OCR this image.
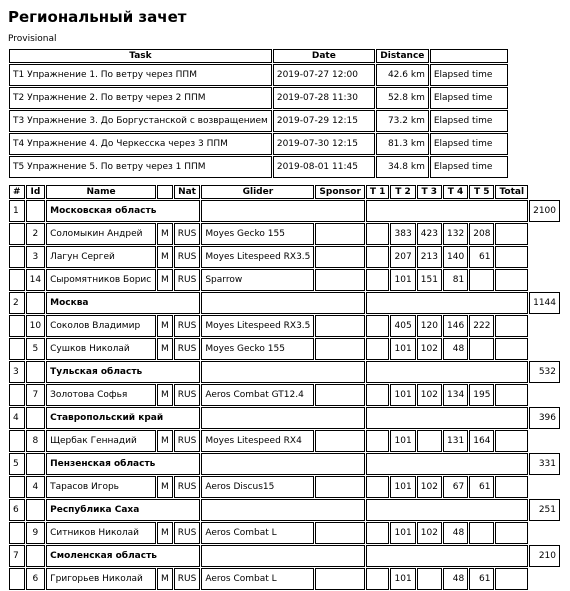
Региональный зачет
Provisional
Task	Date	Distance	
T1 Упражнение 1. По ветру через ППМ	2019-07-27 12:00	42.6 km	Elapsed time
T2 Упражнение 2. По ветру через 2 ППМ	2019-07-28 11:30	52.8 km	Elapsed time
T3 Упражнение 3. До Боргустанской с возвращением	2019-07-29 12:15	73.2 km	Elapsed time
T4 Упражнение 4. До Черкесска через 3 ППМ	2019-07-30 12:15	81.3 km	Elapsed time
T5 Упражнение 5. По ветру через 1 ППМ	2019-08-01 11:45	34.8 km	Elapsed time
#	Id	Name		Nat	Glider	Sponsor	T 1	T 2	T 3	T 4	T 5	Total	
1		Московская область											2100
	2	Соломыкин Андрей	M	RUS	Moyes Gecko 155			383	423	132	208		
	3	Лагун Сергей	M	RUS	Moyes Litespeed RX3.5			207	213	140	61		
	14	Сыромятников Борис	M	RUS	Sparrow			101	151	81			
2		Москва											1144
	10	Соколов Владимир	M	RUS	Moyes Litespeed RX3.5			405	120	146	222		
	5	Сушков Николай	M	RUS	Moyes Gecko 155			101	102	48			
3		Тульская область											532
	7	Золотова Софья	M	RUS	Aeros Combat GT12.4			101	102	134	195		
4		Ставропольский край											396
	8	Щербак Геннадий	M	RUS	Moyes Litespeed RX4			101		131	164		
5		Пензенская область											331
	4	Тарасов Игорь	M	RUS	Aeros Discus15			101	102	67	61		
6		Республика Саха											251
	9	Ситников Николай	M	RUS	Aeros Combat L			101	102	48			
7		Смоленская область											210
	6	Григорьев Николай	M	RUS	Aeros Combat L			101		48	61		
